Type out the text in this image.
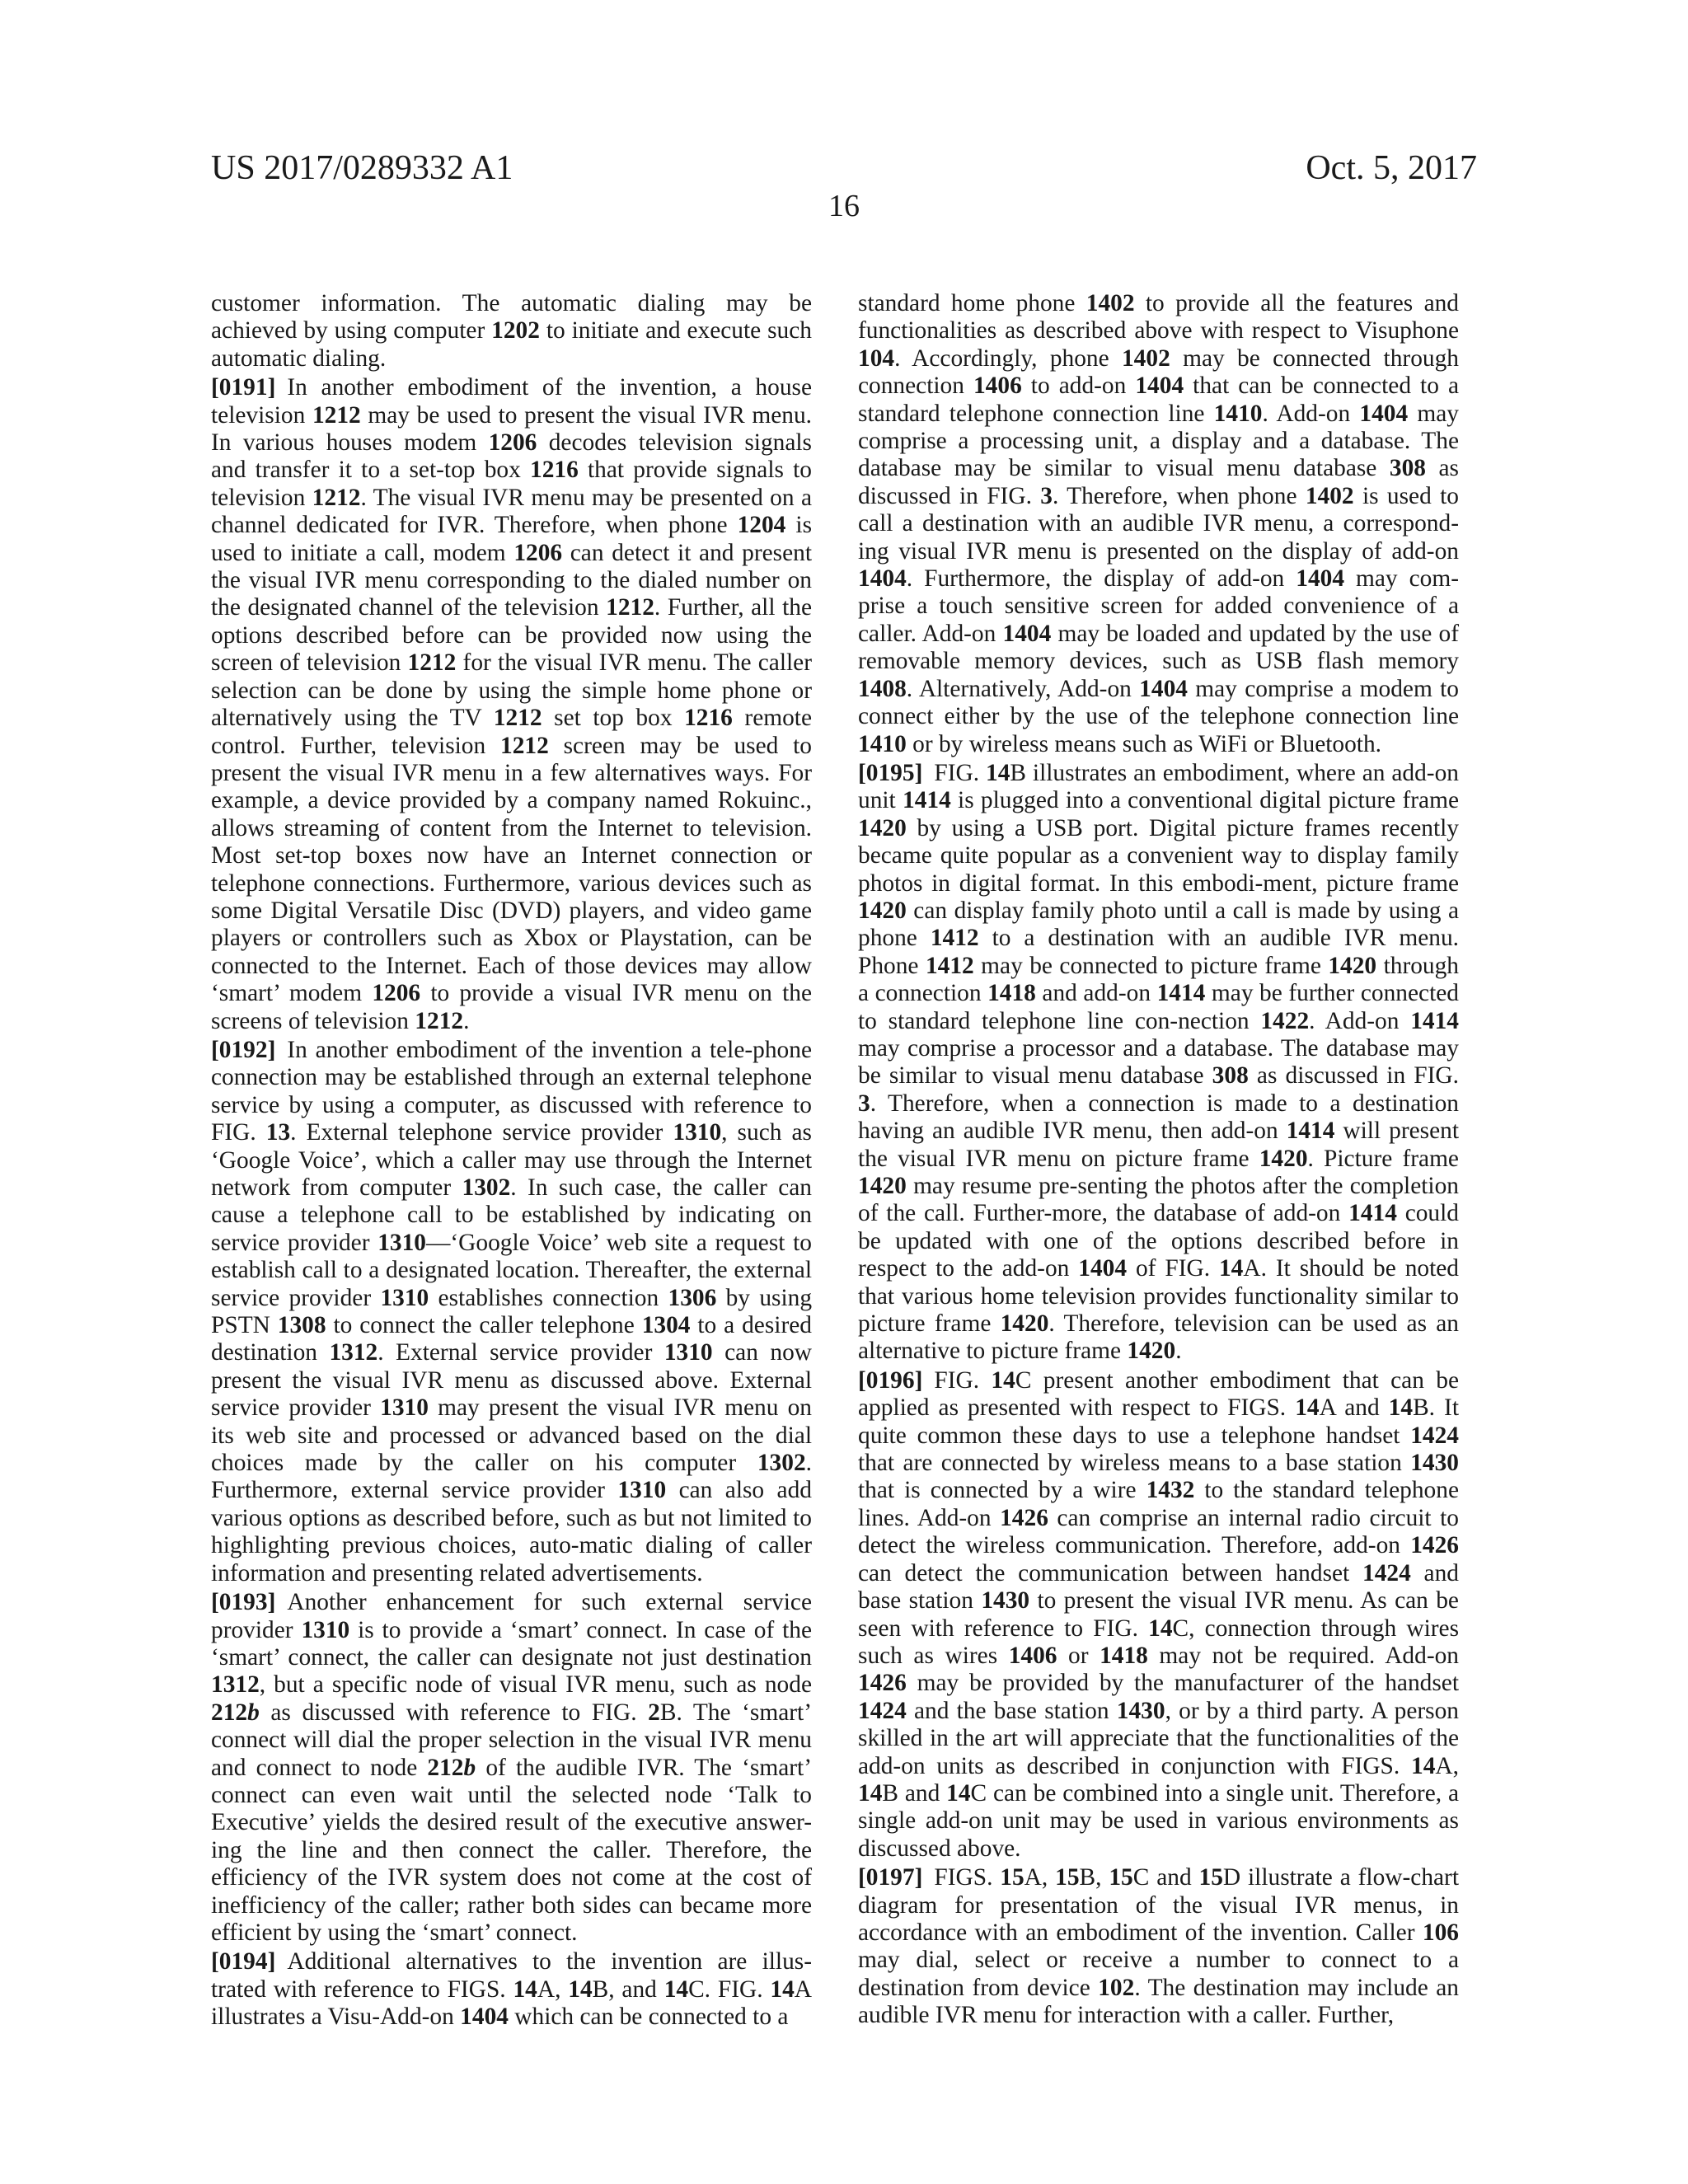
US 2017/0289332 A1	Oct. 5, 2017
16

customer information. The automatic dialing may be achieved by using computer 1202 to initiate and execute such automatic dialing.

[0191] In another embodiment of the invention, a house television 1212 may be used to present the visual IVR menu. In various houses modem 1206 decodes television signals and transfer it to a set-top box 1216 that provide signals to television 1212. The visual IVR menu may be presented on a channel dedicated for IVR. Therefore, when phone 1204 is used to initiate a call, modem 1206 can detect it and present the visual IVR menu corresponding to the dialed number on the designated channel of the television 1212. Further, all the options described before can be provided now using the screen of television 1212 for the visual IVR menu. The caller selection can be done by using the simple home phone or alternatively using the TV 1212 set top box 1216 remote control. Further, television 1212 screen may be used to present the visual IVR menu in a few alternatives ways. For example, a device provided by a company named Rokuinc., allows streaming of content from the Internet to television. Most set-top boxes now have an Internet connection or telephone connections. Furthermore, various devices such as some Digital Versatile Disc (DVD) players, and video game players or controllers such as Xbox or Playstation, can be connected to the Internet. Each of those devices may allow ‘smart’ modem 1206 to provide a visual IVR menu on the screens of television 1212.

[0192] In another embodiment of the invention a tele-phone connection may be established through an external telephone service by using a computer, as discussed with reference to FIG. 13. External telephone service provider 1310, such as ‘Google Voice’, which a caller may use through the Internet network from computer 1302. In such case, the caller can cause a telephone call to be established by indicating on service provider 1310—‘Google Voice’ web site a request to establish call to a designated location. Thereafter, the external service provider 1310 establishes connection 1306 by using PSTN 1308 to connect the caller telephone 1304 to a desired destination 1312. External service provider 1310 can now present the visual IVR menu as discussed above. External service provider 1310 may present the visual IVR menu on its web site and processed or advanced based on the dial choices made by the caller on his computer 1302. Furthermore, external service provider 1310 can also add various options as described before, such as but not limited to highlighting previous choices, auto-matic dialing of caller information and presenting related advertisements.

[0193] Another enhancement for such external service provider 1310 is to provide a ‘smart’ connect. In case of the ‘smart’ connect, the caller can designate not just destination 1312, but a specific node of visual IVR menu, such as node 212b as discussed with reference to FIG. 2B. The ‘smart’ connect will dial the proper selection in the visual IVR menu and connect to node 212b of the audible IVR. The ‘smart’ connect can even wait until the selected node ‘Talk to Executive’ yields the desired result of the executive answer-ing the line and then connect the caller. Therefore, the efficiency of the IVR system does not come at the cost of inefficiency of the caller; rather both sides can became more efficient by using the ‘smart’ connect.

[0194] Additional alternatives to the invention are illus-trated with reference to FIGS. 14A, 14B, and 14C. FIG. 14A illustrates a Visu-Add-on 1404 which can be connected to a

standard home phone 1402 to provide all the features and functionalities as described above with respect to Visuphone 104. Accordingly, phone 1402 may be connected through connection 1406 to add-on 1404 that can be connected to a standard telephone connection line 1410. Add-on 1404 may comprise a processing unit, a display and a database. The database may be similar to visual menu database 308 as discussed in FIG. 3. Therefore, when phone 1402 is used to call a destination with an audible IVR menu, a correspond-ing visual IVR menu is presented on the display of add-on 1404. Furthermore, the display of add-on 1404 may com-prise a touch sensitive screen for added convenience of a caller. Add-on 1404 may be loaded and updated by the use of removable memory devices, such as USB flash memory 1408. Alternatively, Add-on 1404 may comprise a modem to connect either by the use of the telephone connection line 1410 or by wireless means such as WiFi or Bluetooth.

[0195] FIG. 14B illustrates an embodiment, where an add-on unit 1414 is plugged into a conventional digital picture frame 1420 by using a USB port. Digital picture frames recently became quite popular as a convenient way to display family photos in digital format. In this embodi-ment, picture frame 1420 can display family photo until a call is made by using a phone 1412 to a destination with an audible IVR menu. Phone 1412 may be connected to picture frame 1420 through a connection 1418 and add-on 1414 may be further connected to standard telephone line con-nection 1422. Add-on 1414 may comprise a processor and a database. The database may be similar to visual menu database 308 as discussed in FIG. 3. Therefore, when a connection is made to a destination having an audible IVR menu, then add-on 1414 will present the visual IVR menu on picture frame 1420. Picture frame 1420 may resume pre-senting the photos after the completion of the call. Further-more, the database of add-on 1414 could be updated with one of the options described before in respect to the add-on 1404 of FIG. 14A. It should be noted that various home television provides functionality similar to picture frame 1420. Therefore, television can be used as an alternative to picture frame 1420.

[0196] FIG. 14C present another embodiment that can be applied as presented with respect to FIGS. 14A and 14B. It quite common these days to use a telephone handset 1424 that are connected by wireless means to a base station 1430 that is connected by a wire 1432 to the standard telephone lines. Add-on 1426 can comprise an internal radio circuit to detect the wireless communication. Therefore, add-on 1426 can detect the communication between handset 1424 and base station 1430 to present the visual IVR menu. As can be seen with reference to FIG. 14C, connection through wires such as wires 1406 or 1418 may not be required. Add-on 1426 may be provided by the manufacturer of the handset 1424 and the base station 1430, or by a third party. A person skilled in the art will appreciate that the functionalities of the add-on units as described in conjunction with FIGS. 14A, 14B and 14C can be combined into a single unit. Therefore, a single add-on unit may be used in various environments as discussed above.

[0197] FIGS. 15A, 15B, 15C and 15D illustrate a flow-chart diagram for presentation of the visual IVR menus, in accordance with an embodiment of the invention. Caller 106 may dial, select or receive a number to connect to a destination from device 102. The destination may include an audible IVR menu for interaction with a caller. Further,
